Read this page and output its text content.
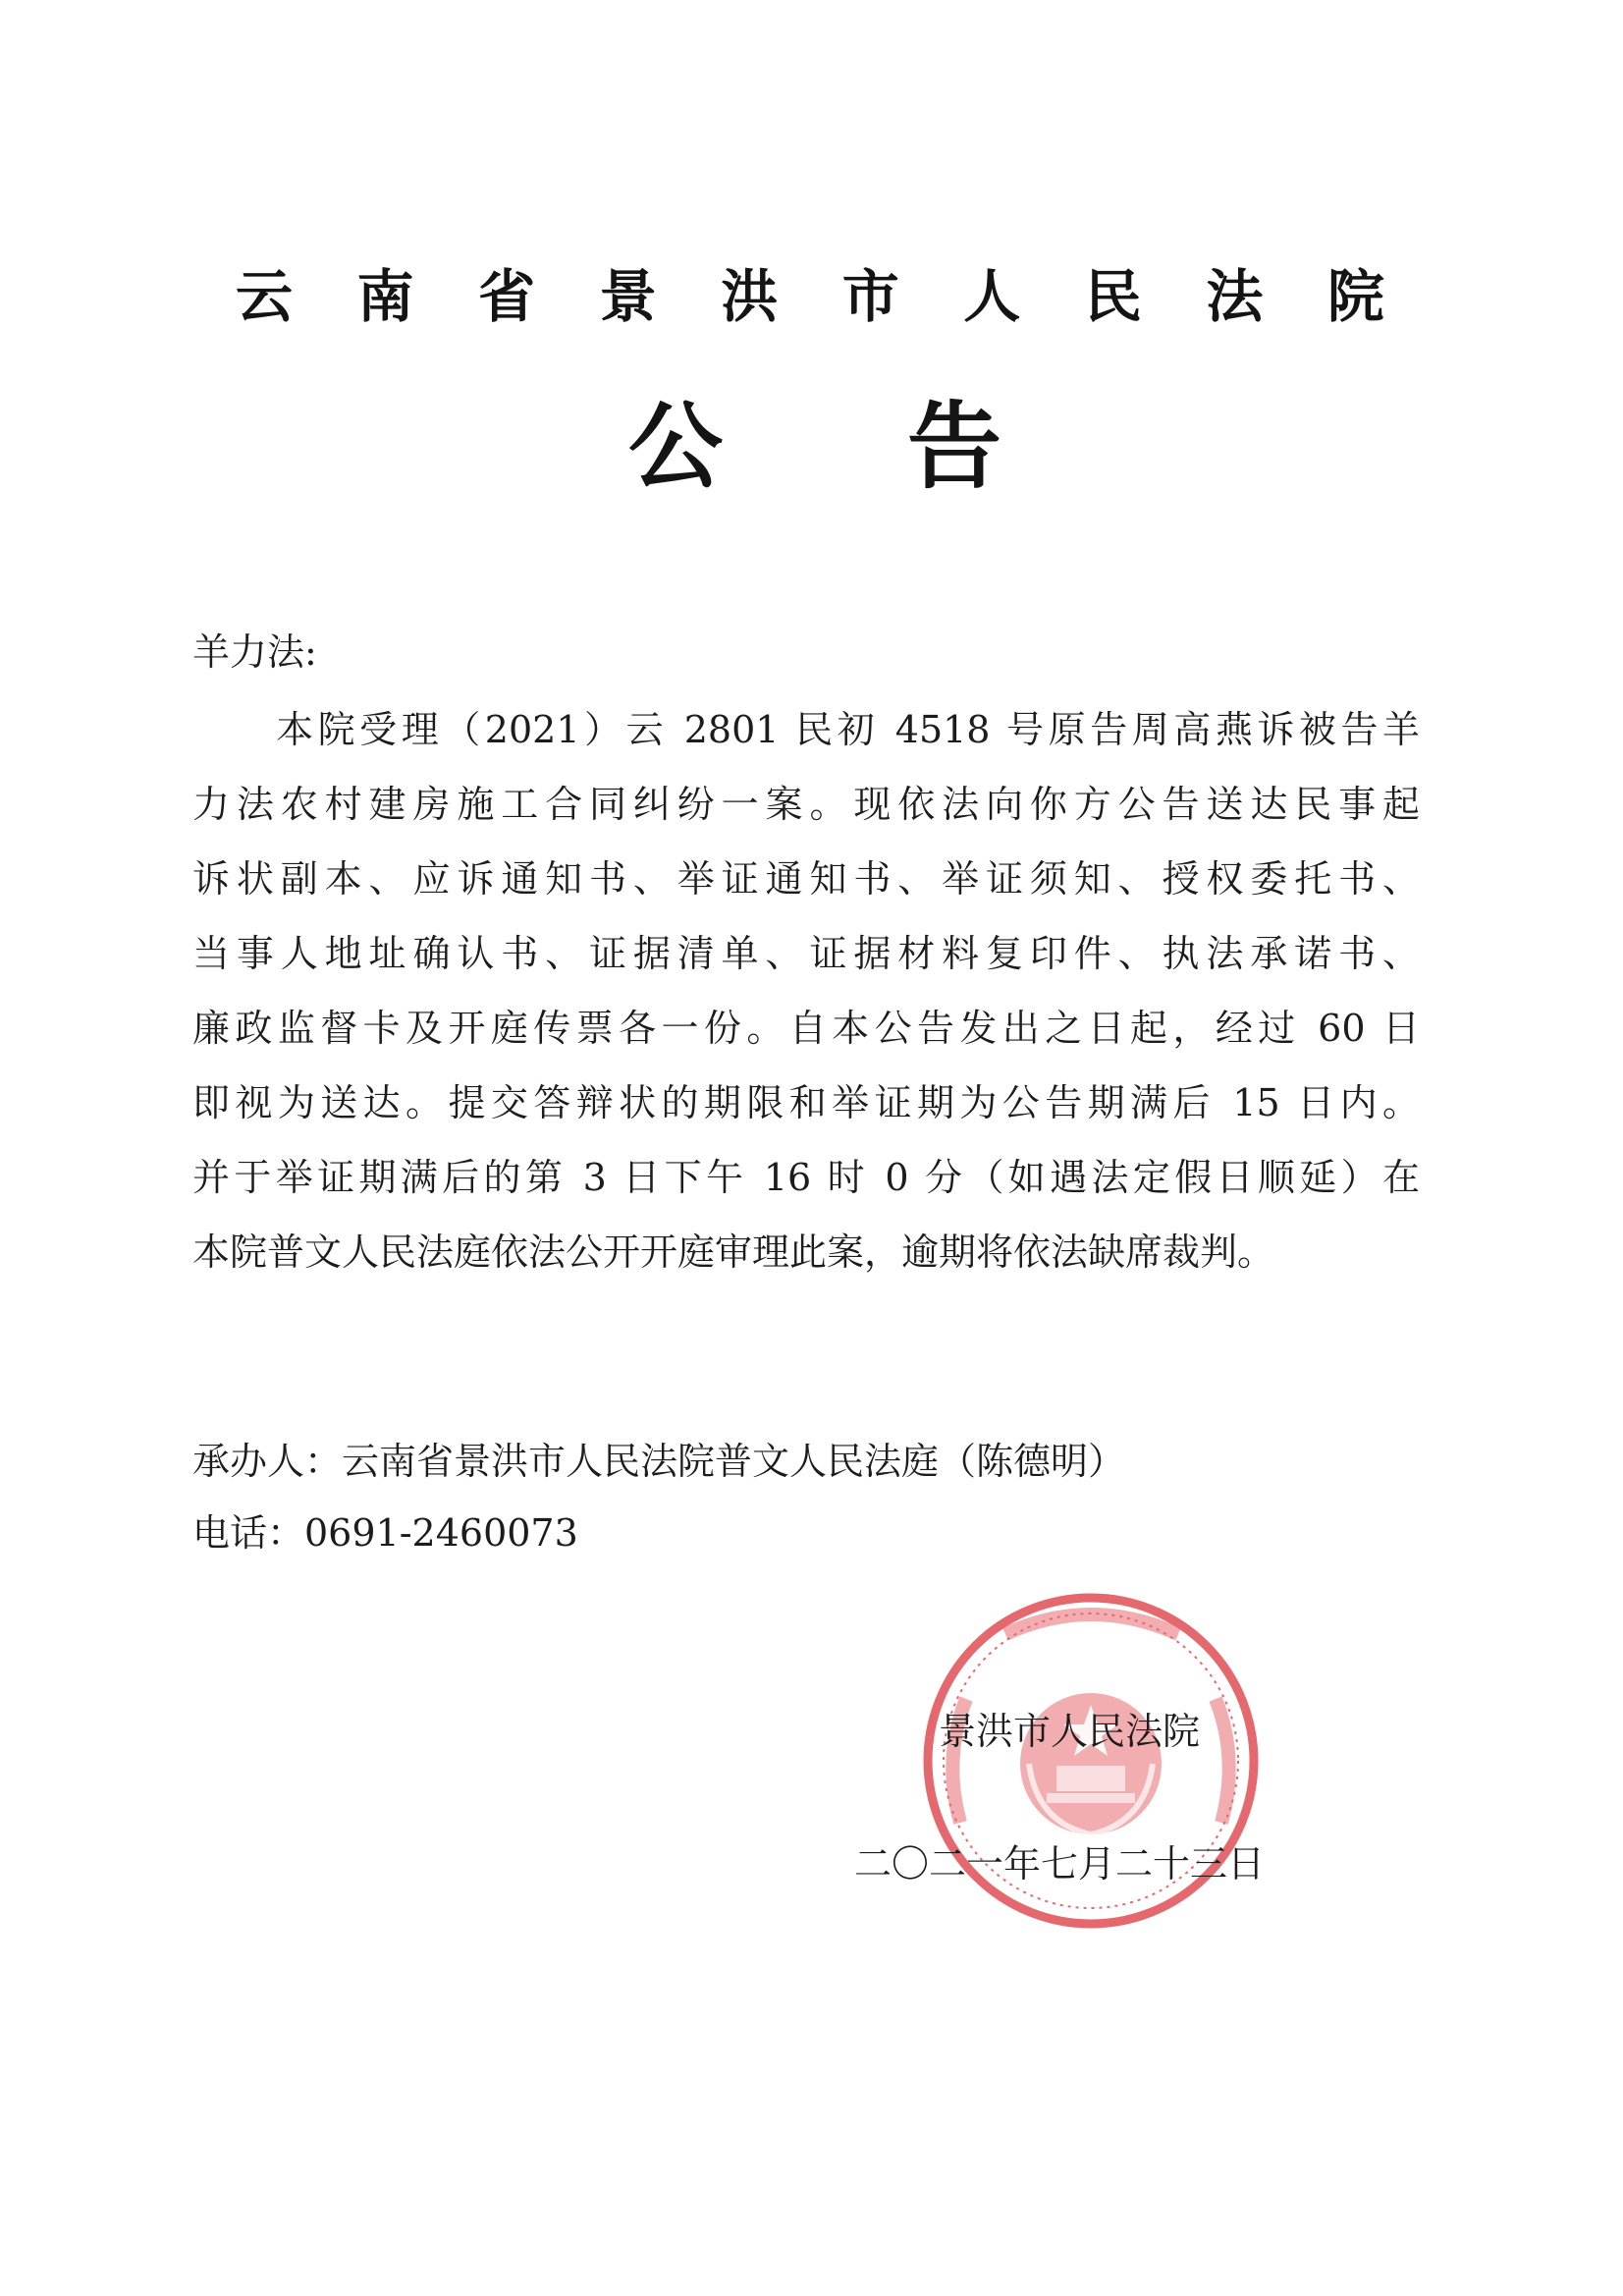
云 南 省 景 洪 市 人 民 法 院
公 告
羊力法:
　　本院受理（2021）云 2801 民初 4518 号原告周高燕诉被告羊
力法农村建房施工合同纠纷一案。现依法向你方公告送达民事起
诉状副本、应诉通知书、举证通知书、举证须知、授权委托书、
当事人地址确认书、证据清单、证据材料复印件、执法承诺书、
廉政监督卡及开庭传票各一份。自本公告发出之日起，经过 60 日
即视为送达。提交答辩状的期限和举证期为公告期满后 15 日内。
并于举证期满后的第 3 日下午 16 时 0 分（如遇法定假日顺延）在
本院普文人民法庭依法公开开庭审理此案，逾期将依法缺席裁判。
承办人：云南省景洪市人民法院普文人民法庭（陈德明）
电话：0691-2460073
景洪市人民法院
二〇二一年七月二十三日
